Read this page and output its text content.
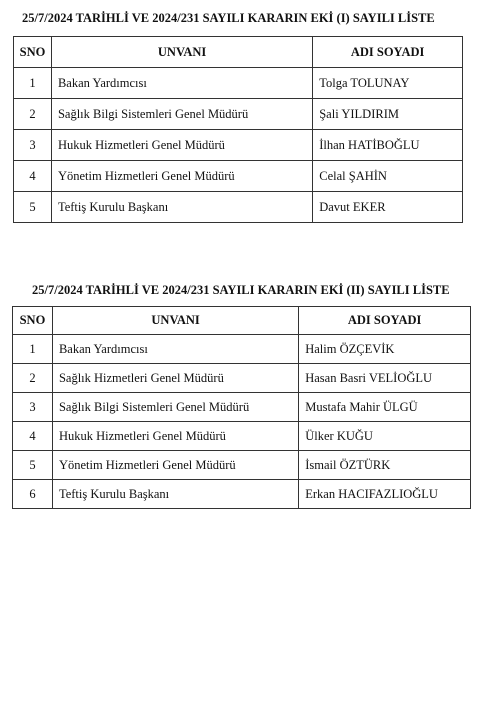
25/7/2024 TARİHLİ VE 2024/231 SAYILI KARARIN EKİ (I) SAYILI LİSTE
SNO	UNVANI	ADI SOYADI
1	Bakan Yardımcısı	Tolga TOLUNAY
2	Sağlık Bilgi Sistemleri Genel Müdürü	Şali YILDIRIM
3	Hukuk Hizmetleri Genel Müdürü	İlhan HATİBOĞLU
4	Yönetim Hizmetleri Genel Müdürü	Celal ŞAHİN
5	Teftiş Kurulu Başkanı	Davut EKER
25/7/2024 TARİHLİ VE 2024/231 SAYILI KARARIN EKİ (II) SAYILI LİSTE
SNO	UNVANI	ADI SOYADI
1	Bakan Yardımcısı	Halim ÖZÇEVİK
2	Sağlık Hizmetleri Genel Müdürü	Hasan Basri VELİOĞLU
3	Sağlık Bilgi Sistemleri Genel Müdürü	Mustafa Mahir ÜLGÜ
4	Hukuk Hizmetleri Genel Müdürü	Ülker KUĞU
5	Yönetim Hizmetleri Genel Müdürü	İsmail ÖZTÜRK
6	Teftiş Kurulu Başkanı	Erkan HACIFAZLIOĞLU
